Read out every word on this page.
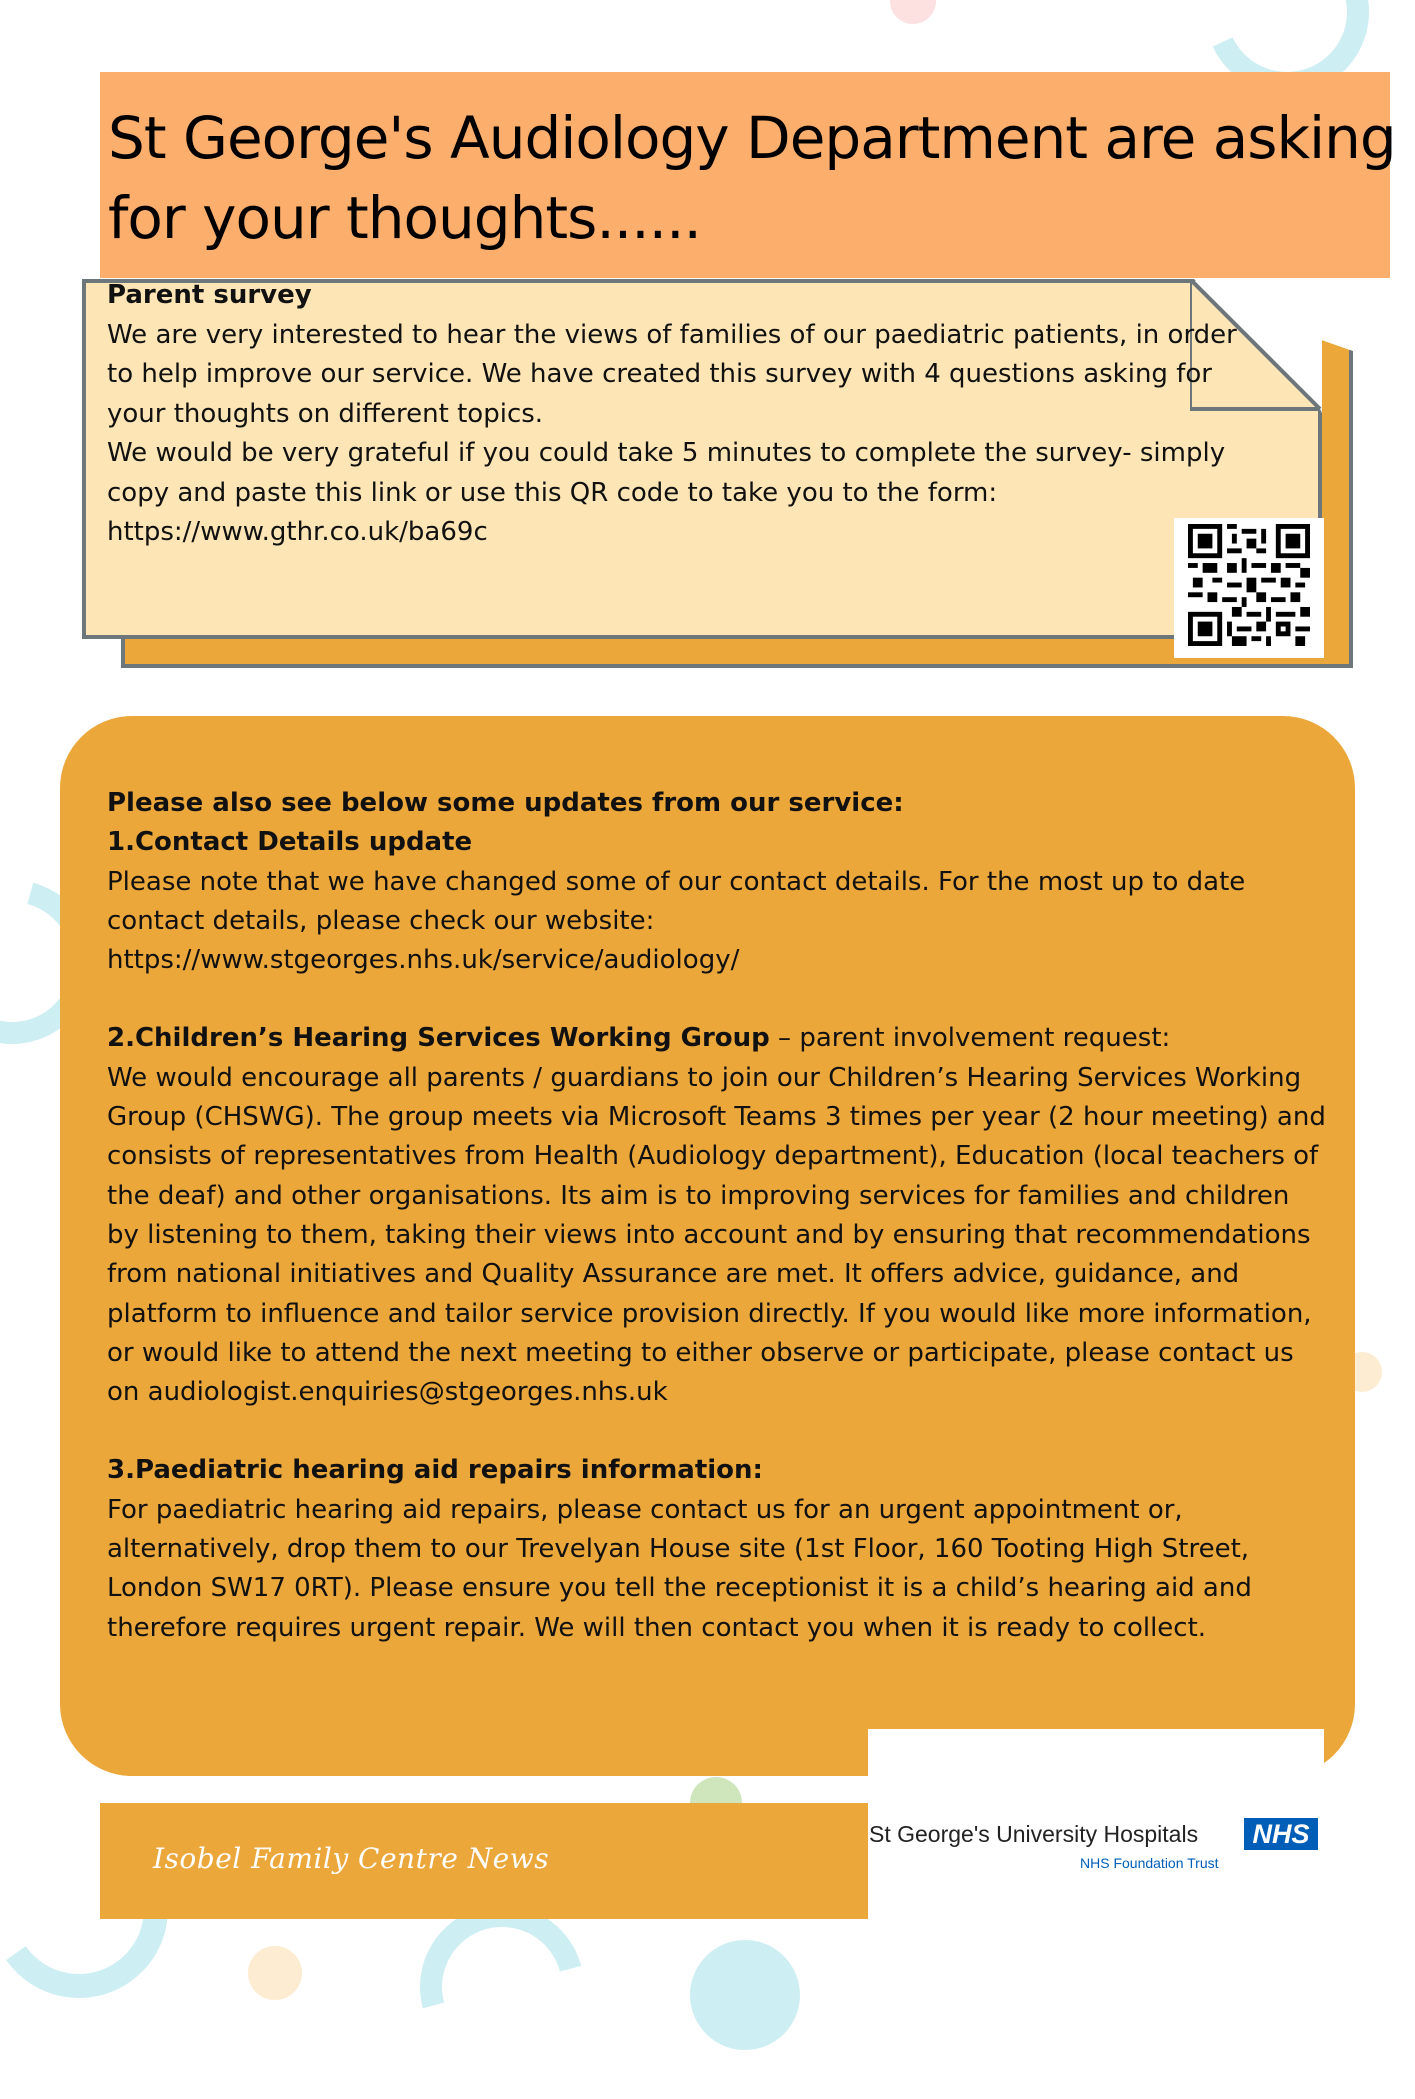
St George's Audiology Department are asking for your thoughts......
Parent survey
We are very interested to hear the views of families of our paediatric patients, in order to help improve our service. We have created this survey with 4 questions asking for your thoughts on different topics.
We would be very grateful if you could take 5 minutes to complete the survey- simply copy and paste this link or use this QR code to take you to the form:
https://www.gthr.co.uk/ba69c

Please also see below some updates from our service:

1.Contact Details update

Please note that we have changed some of our contact details. For the most up to date contact details, please check our website:

https://www.stgeorges.nhs.uk/service/audiology/

2.Children’s Hearing Services Working Group – parent involvement request:

We would encourage all parents / guardians to join our Children’s Hearing Services Working Group (CHSWG). The group meets via Microsoft Teams 3 times per year (2 hour meeting) and consists of representatives from Health (Audiology department), Education (local teachers of the deaf) and other organisations. Its aim is to improving services for families and children by listening to them, taking their views into account and by ensuring that recommendations from national initiatives and Quality Assurance are met. It offers advice, guidance, and platform to influence and tailor service provision directly. If you would like more information, or would like to attend the next meeting to either observe or participate, please contact us on audiologist.enquiries@stgeorges.nhs.uk

3.Paediatric hearing aid repairs information:

For paediatric hearing aid repairs, please contact us for an urgent appointment or, alternatively, drop them to our Trevelyan House site (1st Floor, 160 Tooting High Street, London SW17 0RT). Please ensure you tell the receptionist it is a child’s hearing aid and therefore requires urgent repair. We will then contact you when it is ready to collect.

Isobel Family Centre News
St George's University Hospitals	NHS
NHS Foundation Trust
